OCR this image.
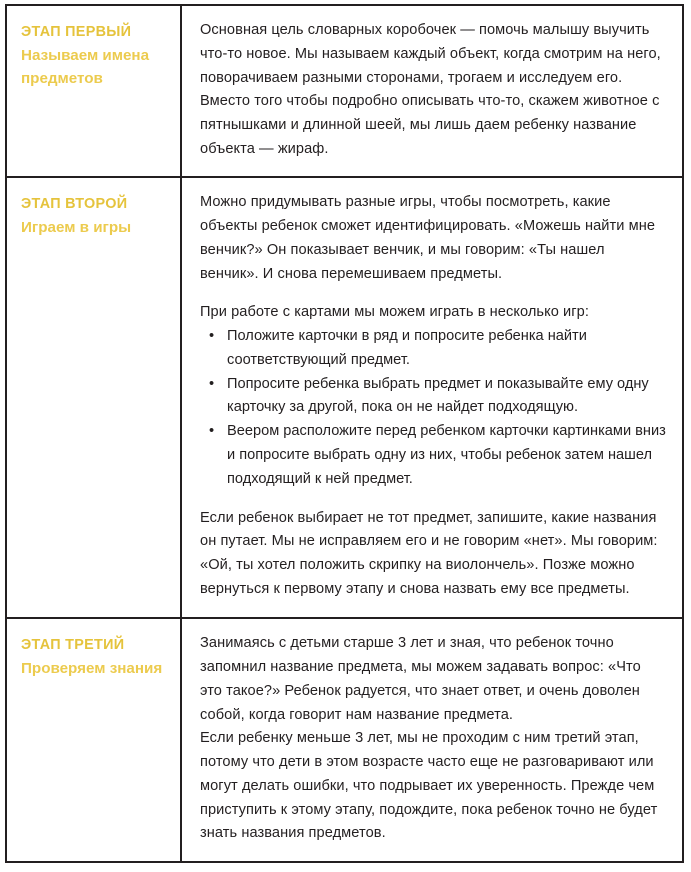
ЭТАП ПЕРВЫЙ

Называем имена предметов

Основная цель словарных коробочек — помочь малышу выучить что-то новое. Мы называем каждый объект, когда смотрим на него, поворачиваем разными сторонами, трогаем и исследуем его. Вместо того чтобы подробно описывать что-то, скажем животное с пятнышками и длинной шеей, мы лишь даем ребенку название объекта — жираф.

ЭТАП ВТОРОЙ

Играем в игры

Можно придумывать разные игры, чтобы посмотреть, какие объекты ребенок сможет идентифицировать. «Можешь найти мне венчик?» Он показывает венчик, и мы говорим: «Ты нашел венчик». И снова перемешиваем предметы.

При работе с картами мы можем играть в несколько игр:

• Положите карточки в ряд и попросите ребенка найти соответствующий предмет.
• Попросите ребенка выбрать предмет и показывайте ему одну карточку за другой, пока он не найдет подходящую.
• Веером расположите перед ребенком карточки картинками вниз и попросите выбрать одну из них, чтобы ребенок затем нашел подходящий к ней предмет.

Если ребенок выбирает не тот предмет, запишите, какие названия он путает. Мы не исправляем его и не говорим «нет». Мы говорим: «Ой, ты хотел положить скрипку на виолончель». Позже можно вернуться к первому этапу и снова назвать ему все предметы.

ЭТАП ТРЕТИЙ

Проверяем знания

Занимаясь с детьми старше 3 лет и зная, что ребенок точно запомнил название предмета, мы можем задавать вопрос: «Что это такое?» Ребенок радуется, что знает ответ, и очень доволен собой, когда говорит нам название предмета.

Если ребенку меньше 3 лет, мы не проходим с ним третий этап, потому что дети в этом возрасте часто еще не разговаривают или могут делать ошибки, что подрывает их уверенность. Прежде чем приступить к этому этапу, подождите, пока ребенок точно не будет знать названия предметов.
